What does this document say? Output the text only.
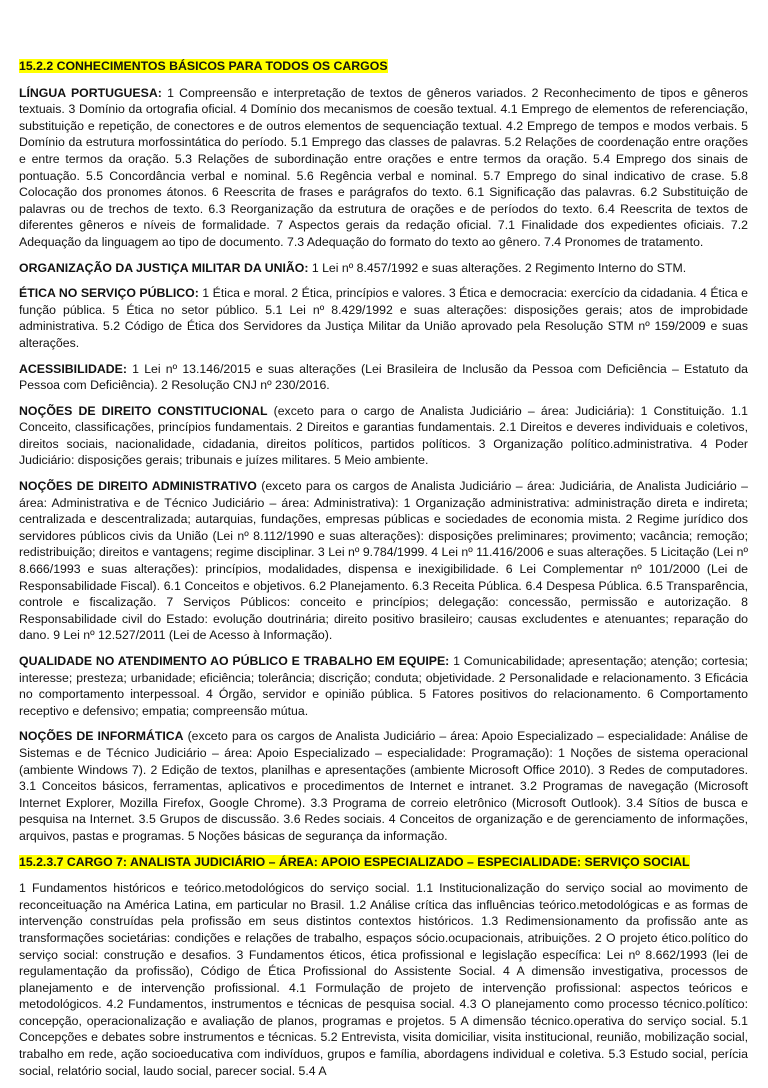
15.2.2 CONHECIMENTOS BÁSICOS PARA TODOS OS CARGOS

LÍNGUA PORTUGUESA: 1 Compreensão e interpretação de textos de gêneros variados. 2 Reconhecimento de tipos e gêneros textuais. 3 Domínio da ortografia oficial. 4 Domínio dos mecanismos de coesão textual. 4.1 Emprego de elementos de referenciação, substituição e repetição, de conectores e de outros elementos de sequenciação textual. 4.2 Emprego de tempos e modos verbais. 5 Domínio da estrutura morfossintática do período. 5.1 Emprego das classes de palavras. 5.2 Relações de coordenação entre orações e entre termos da oração. 5.3 Relações de subordinação entre orações e entre termos da oração. 5.4 Emprego dos sinais de pontuação. 5.5 Concordância verbal e nominal. 5.6 Regência verbal e nominal. 5.7 Emprego do sinal indicativo de crase. 5.8 Colocação dos pronomes átonos. 6 Reescrita de frases e parágrafos do texto. 6.1 Significação das palavras. 6.2 Substituição de palavras ou de trechos de texto. 6.3 Reorganização da estrutura de orações e de períodos do texto. 6.4 Reescrita de textos de diferentes gêneros e níveis de formalidade. 7 Aspectos gerais da redação oficial. 7.1 Finalidade dos expedientes oficiais. 7.2 Adequação da linguagem ao tipo de documento. 7.3 Adequação do formato do texto ao gênero. 7.4 Pronomes de tratamento.

ORGANIZAÇÃO DA JUSTIÇA MILITAR DA UNIÃO: 1 Lei nº 8.457/1992 e suas alterações. 2 Regimento Interno do STM.

ÉTICA NO SERVIÇO PÚBLICO: 1 Ética e moral. 2 Ética, princípios e valores. 3 Ética e democracia: exercício da cidadania. 4 Ética e função pública. 5 Ética no setor público. 5.1 Lei nº 8.429/1992 e suas alterações: disposições gerais; atos de improbidade administrativa. 5.2 Código de Ética dos Servidores da Justiça Militar da União aprovado pela Resolução STM nº 159/2009 e suas alterações.

ACESSIBILIDADE: 1 Lei nº 13.146/2015 e suas alterações (Lei Brasileira de Inclusão da Pessoa com Deficiência – Estatuto da Pessoa com Deficiência). 2 Resolução CNJ nº 230/2016.

NOÇÕES DE DIREITO CONSTITUCIONAL (exceto para o cargo de Analista Judiciário – área: Judiciária): 1 Constituição. 1.1 Conceito, classificações, princípios fundamentais. 2 Direitos e garantias fundamentais. 2.1 Direitos e deveres individuais e coletivos, direitos sociais, nacionalidade, cidadania, direitos políticos, partidos políticos. 3 Organização político.administrativa. 4 Poder Judiciário: disposições gerais; tribunais e juízes militares. 5 Meio ambiente.

NOÇÕES DE DIREITO ADMINISTRATIVO (exceto para os cargos de Analista Judiciário – área: Judiciária, de Analista Judiciário – área: Administrativa e de Técnico Judiciário – área: Administrativa): 1 Organização administrativa: administração direta e indireta; centralizada e descentralizada; autarquias, fundações, empresas públicas e sociedades de economia mista. 2 Regime jurídico dos servidores públicos civis da União (Lei nº 8.112/1990 e suas alterações): disposições preliminares; provimento; vacância; remoção; redistribuição; direitos e vantagens; regime disciplinar. 3 Lei nº 9.784/1999. 4 Lei nº 11.416/2006 e suas alterações. 5 Licitação (Lei nº 8.666/1993 e suas alterações): princípios, modalidades, dispensa e inexigibilidade. 6 Lei Complementar nº 101/2000 (Lei de Responsabilidade Fiscal). 6.1 Conceitos e objetivos. 6.2 Planejamento. 6.3 Receita Pública. 6.4 Despesa Pública. 6.5 Transparência, controle e fiscalização. 7 Serviços Públicos: conceito e princípios; delegação: concessão, permissão e autorização. 8 Responsabilidade civil do Estado: evolução doutrinária; direito positivo brasileiro; causas excludentes e atenuantes; reparação do dano. 9 Lei nº 12.527/2011 (Lei de Acesso à Informação).

QUALIDADE NO ATENDIMENTO AO PÚBLICO E TRABALHO EM EQUIPE: 1 Comunicabilidade; apresentação; atenção; cortesia; interesse; presteza; urbanidade; eficiência; tolerância; discrição; conduta; objetividade. 2 Personalidade e relacionamento. 3 Eficácia no comportamento interpessoal. 4 Órgão, servidor e opinião pública. 5 Fatores positivos do relacionamento. 6 Comportamento receptivo e defensivo; empatia; compreensão mútua.

NOÇÕES DE INFORMÁTICA (exceto para os cargos de Analista Judiciário – área: Apoio Especializado – especialidade: Análise de Sistemas e de Técnico Judiciário – área: Apoio Especializado – especialidade: Programação): 1 Noções de sistema operacional (ambiente Windows 7). 2 Edição de textos, planilhas e apresentações (ambiente Microsoft Office 2010). 3 Redes de computadores. 3.1 Conceitos básicos, ferramentas, aplicativos e procedimentos de Internet e intranet. 3.2 Programas de navegação (Microsoft Internet Explorer, Mozilla Firefox, Google Chrome). 3.3 Programa de correio eletrônico (Microsoft Outlook). 3.4 Sítios de busca e pesquisa na Internet. 3.5 Grupos de discussão. 3.6 Redes sociais. 4 Conceitos de organização e de gerenciamento de informações, arquivos, pastas e programas. 5 Noções básicas de segurança da informação.

15.2.3.7 CARGO 7: ANALISTA JUDICIÁRIO – ÁREA: APOIO ESPECIALIZADO – ESPECIALIDADE: SERVIÇO SOCIAL

1 Fundamentos históricos e teórico.metodológicos do serviço social. 1.1 Institucionalização do serviço social ao movimento de reconceituação na América Latina, em particular no Brasil. 1.2 Análise crítica das influências teórico.metodológicas e as formas de intervenção construídas pela profissão em seus distintos contextos históricos. 1.3 Redimensionamento da profissão ante as transformações societárias: condições e relações de trabalho, espaços sócio.ocupacionais, atribuições. 2 O projeto ético.político do serviço social: construção e desafios. 3 Fundamentos éticos, ética profissional e legislação específica: Lei nº 8.662/1993 (lei de regulamentação da profissão), Código de Ética Profissional do Assistente Social. 4 A dimensão investigativa, processos de planejamento e de intervenção profissional. 4.1 Formulação de projeto de intervenção profissional: aspectos teóricos e metodológicos. 4.2 Fundamentos, instrumentos e técnicas de pesquisa social. 4.3 O planejamento como processo técnico.político: concepção, operacionalização e avaliação de planos, programas e projetos. 5 A dimensão técnico.operativa do serviço social. 5.1 Concepções e debates sobre instrumentos e técnicas. 5.2 Entrevista, visita domiciliar, visita institucional, reunião, mobilização social, trabalho em rede, ação socioeducativa com indivíduos, grupos e família, abordagens individual e coletiva. 5.3 Estudo social, perícia social, relatório social, laudo social, parecer social. 5.4 A
